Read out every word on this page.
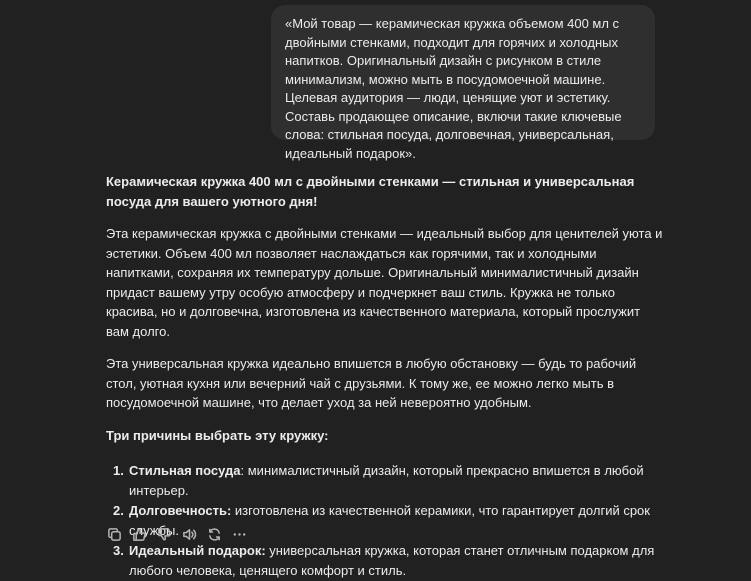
«Мой товар — керамическая кружка объемом 400 мл с двойными стенками, подходит для горячих и холодных напитков. Оригинальный дизайн с рисунком в стиле минимализм, можно мыть в посудомоечной машине. Целевая аудитория — люди, ценящие уют и эстетику. Составь продающее описание, включи такие ключевые слова: стильная посуда, долговечная, универсальная, идеальный подарок».

Керамическая кружка 400 мл с двойными стенками — стильная и универсальная посуда для вашего уютного дня!

Эта керамическая кружка с двойными стенками — идеальный выбор для ценителей уюта и эстетики. Объем 400 мл позволяет наслаждаться как горячими, так и холодными напитками, сохраняя их температуру дольше. Оригинальный минималистичный дизайн придаст вашему утру особую атмосферу и подчеркнет ваш стиль. Кружка не только красива, но и долговечна, изготовлена из качественного материала, который прослужит вам долго.

Эта универсальная кружка идеально впишется в любую обстановку — будь то рабочий стол, уютная кухня или вечерний чай с друзьями. К тому же, ее можно легко мыть в посудомоечной машине, что делает уход за ней невероятно удобным.

Три причины выбрать эту кружку:

1. Стильная посуда: минималистичный дизайн, который прекрасно впишется в любой интерьер.
2. Долговечность: изготовлена из качественной керамики, что гарантирует долгий срок службы.
3. Идеальный подарок: универсальная кружка, которая станет отличным подарком для любого человека, ценящего комфорт и стиль.
